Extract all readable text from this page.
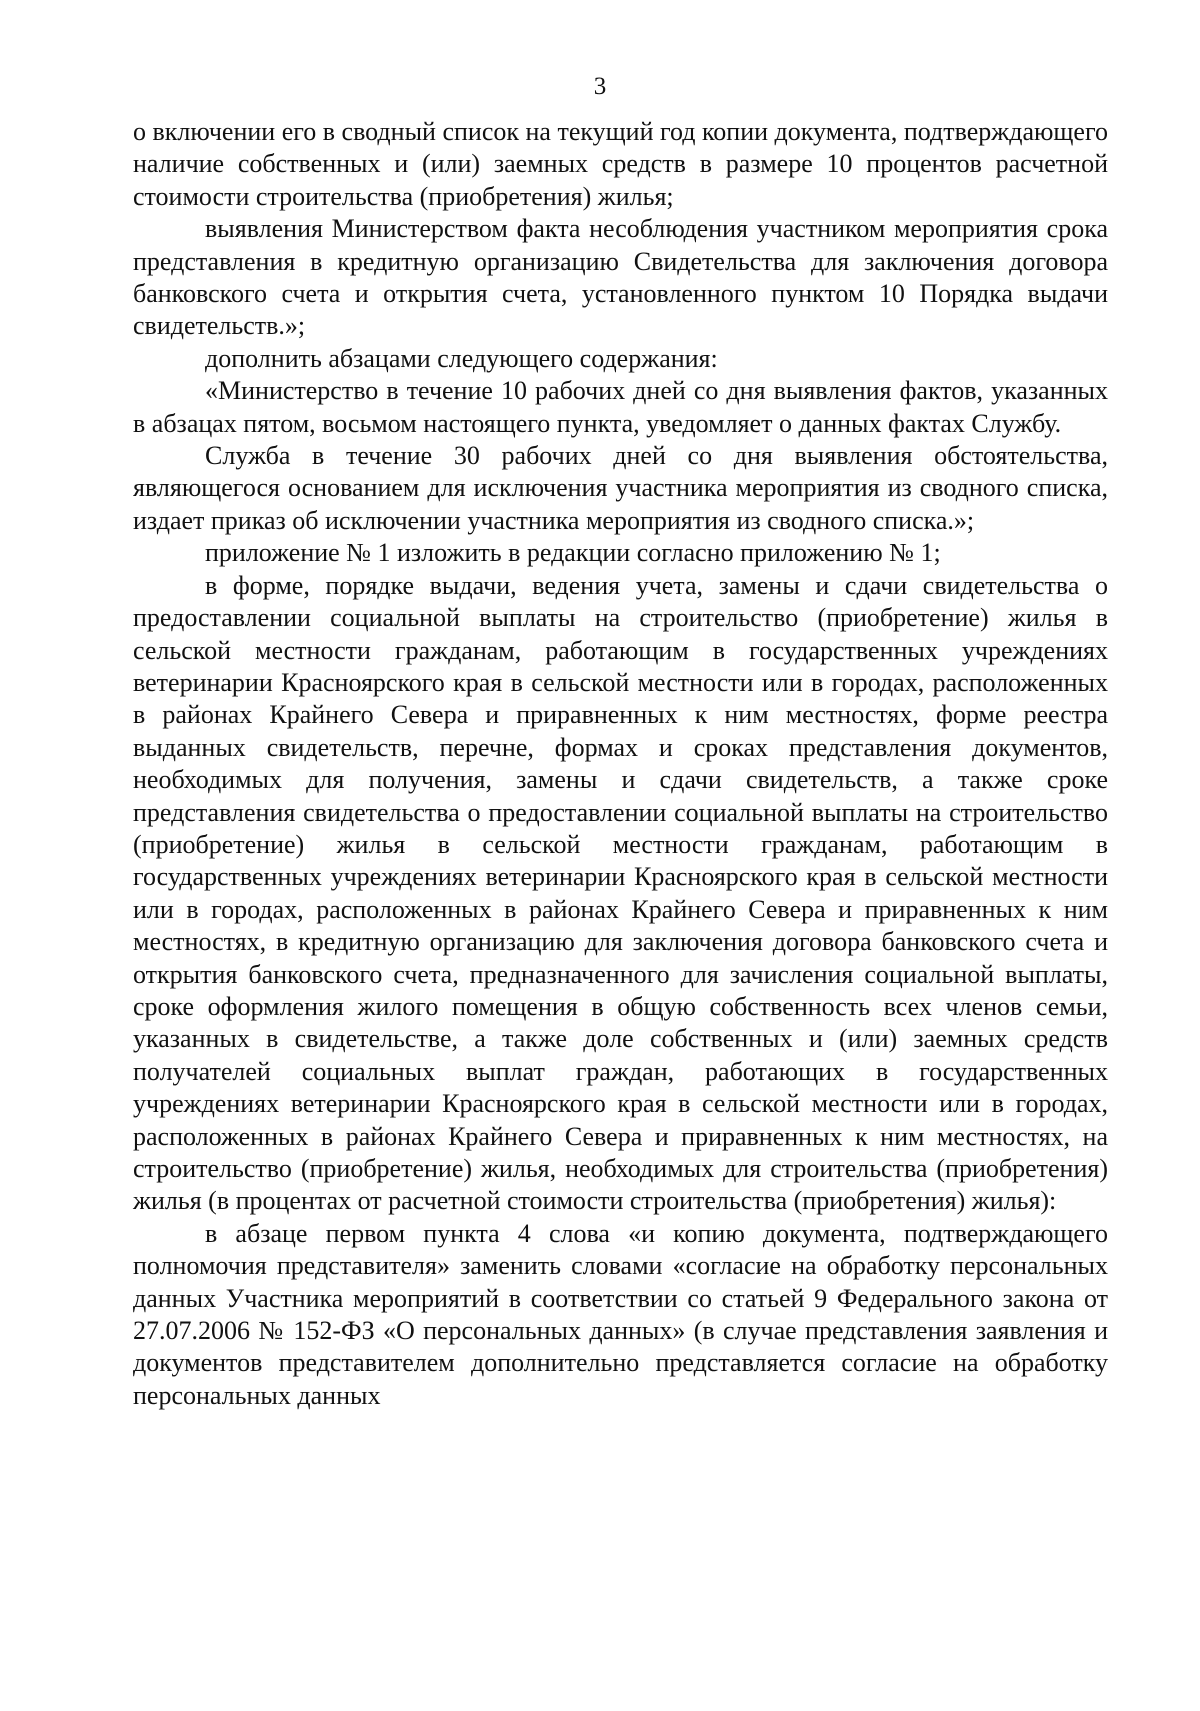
3

о включении его в сводный список на текущий год копии документа, подтверждающего наличие собственных и (или) заемных средств в размере 10 процентов расчетной стоимости строительства (приобретения) жилья;

выявления Министерством факта несоблюдения участником мероприятия срока представления в кредитную организацию Свидетельства для заключения договора банковского счета и открытия счета, установленного пунктом 10 Порядка выдачи свидетельств.»;

дополнить абзацами следующего содержания:

«Министерство в течение 10 рабочих дней со дня выявления фактов, указанных в абзацах пятом, восьмом настоящего пункта, уведомляет о данных фактах Службу.

Служба в течение 30 рабочих дней со дня выявления обстоятельства, являющегося основанием для исключения участника мероприятия из сводного списка, издает приказ об исключении участника мероприятия из сводного списка.»;

приложение № 1 изложить в редакции согласно приложению № 1;

в форме, порядке выдачи, ведения учета, замены и сдачи свидетельства о предоставлении социальной выплаты на строительство (приобретение) жилья в сельской местности гражданам, работающим в государственных учреждениях ветеринарии Красноярского края в сельской местности или в городах, расположенных в районах Крайнего Севера и приравненных к ним местностях, форме реестра выданных свидетельств, перечне, формах и сроках представления документов, необходимых для получения, замены и сдачи свидетельств, а также сроке представления свидетельства о предоставлении социальной выплаты на строительство (приобретение) жилья в сельской местности гражданам, работающим в государственных учреждениях ветеринарии Красноярского края в сельской местности или в городах, расположенных в районах Крайнего Севера и приравненных к ним местностях, в кредитную организацию для заключения договора банковского счета и открытия банковского счета, предназначенного для зачисления социальной выплаты, сроке оформления жилого помещения в общую собственность всех членов семьи, указанных в свидетельстве, а также доле собственных и (или) заемных средств получателей социальных выплат граждан, работающих в государственных учреждениях ветеринарии Красноярского края в сельской местности или в городах, расположенных в районах Крайнего Севера и приравненных к ним местностях, на строительство (приобретение) жилья, необходимых для строительства (приобретения) жилья (в процентах от расчетной стоимости строительства (приобретения) жилья):

в абзаце первом пункта 4 слова «и копию документа, подтверждающего полномочия представителя» заменить словами «согласие на обработку персональных данных Участника мероприятий в соответствии со статьей 9 Федерального закона от 27.07.2006 № 152-ФЗ «О персональных данных» (в случае представления заявления и документов представителем дополнительно представляется согласие на обработку персональных данных
